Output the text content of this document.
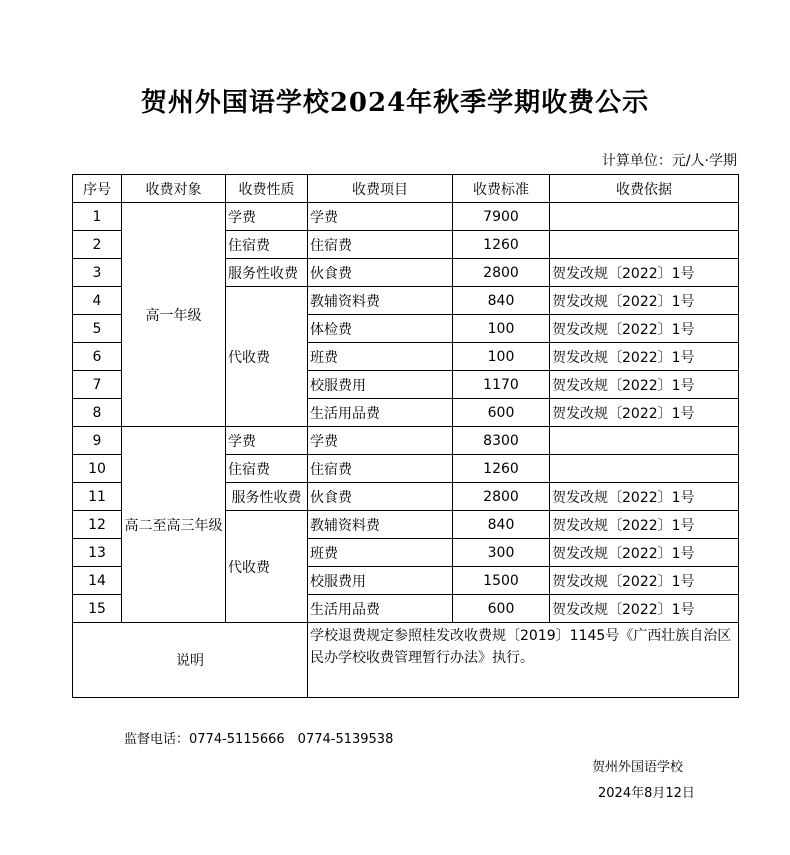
贺州外国语学校2024年秋季学期收费公示
计算单位：元/人·学期
序号	收费对象	收费性质	收费项目	收费标准	收费依据
1	高一年级	学费	学费	7900	
2		住宿费	住宿费	1260	
3		服务性收费	伙食费	2800	贺发改规〔2022〕1号
4		代收费	教辅资料费	840	贺发改规〔2022〕1号
5			体检费	100	贺发改规〔2022〕1号
6			班费	100	贺发改规〔2022〕1号
7			校服费用	1170	贺发改规〔2022〕1号
8			生活用品费	600	贺发改规〔2022〕1号
9	高二至高三年级	学费	学费	8300	
10		住宿费	住宿费	1260	
11		服务性收费	伙食费	2800	贺发改规〔2022〕1号
12		代收费	教辅资料费	840	贺发改规〔2022〕1号
13			班费	300	贺发改规〔2022〕1号
14			校服费用	1500	贺发改规〔2022〕1号
15			生活用品费	600	贺发改规〔2022〕1号
说明			学校退费规定参照桂发改收费规〔2019〕1145号《广西壮族自治区民办学校收费管理暂行办法》执行。		
监督电话：0774-5115666　0774-5139538
贺州外国语学校
2024年8月12日
